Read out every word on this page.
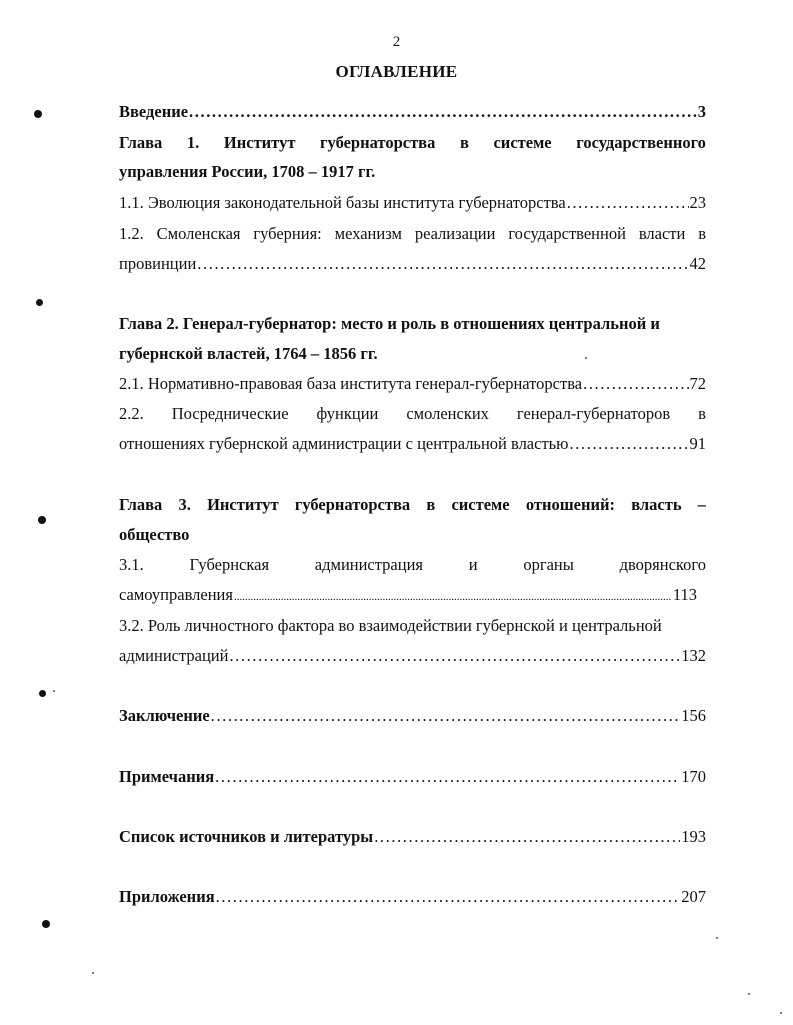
2
ОГЛАВЛЕНИЕ
Введение .....	3
Глава 1. Институт губернаторства в системе государственного
управления России, 1708 – 1917 гг.
1.1. Эволюция законодательной базы института губернаторства .....	23
1.2. Смоленская губерния: механизм реализации государственной власти в
провинции .....	42
Глава 2. Генерал-губернатор: место и роль в отношениях центральной и
губернской властей, 1764 – 1856 гг.
2.1. Нормативно-правовая база института генерал-губернаторства .....	72
2.2. Посреднические функции смоленских генерал-губернаторов в
отношениях губернской администрации с центральной властью .....	91
Глава 3. Институт губернаторства в системе отношений: власть –
общество
3.1.	Губернская	администрация	и	органы	дворянского
самоуправления .....	113
3.2. Роль личностного фактора во взаимодействии губернской и центральной
администраций .....	132
Заключение .....	156
Примечания .....	170
Список источников и литературы .....	193
Приложения .....	207
